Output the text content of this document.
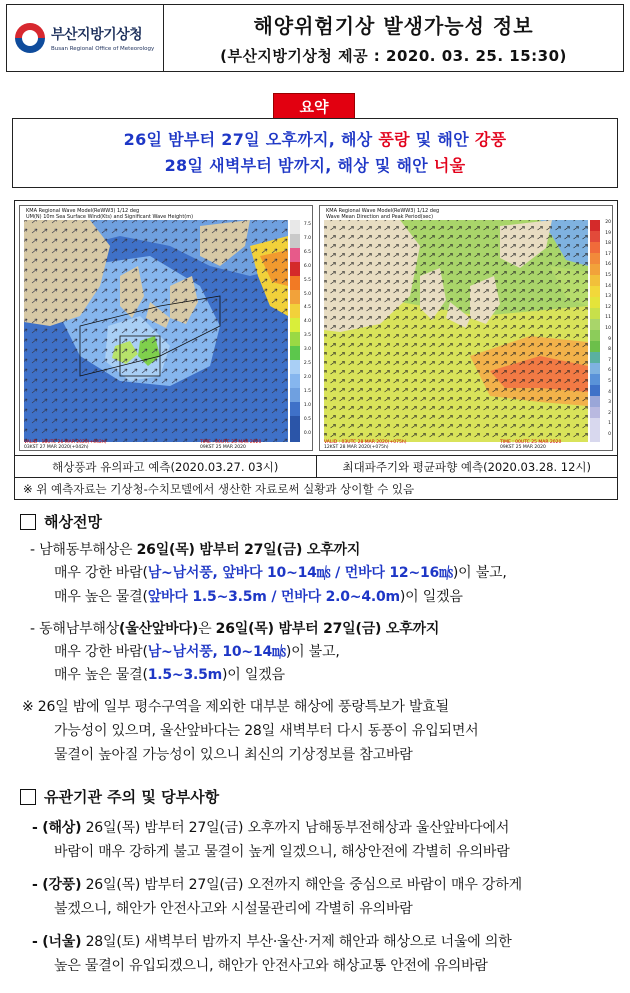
부산지방기상청
Busan Regional Office of Meteorology
해양위험기상 발생가능성 정보
(부산지방기상청 제공 : 2020. 03. 25. 15:30)
요약
26일 밤부터 27일 오후까지, 해상 풍랑 및 해안 강풍
28일 새벽부터 밤까지, 해상 및 해안 너울
KMA Regional Wave Model(ReWW3) 1/12 deg
UM(N) 10m Sea Surface Wind(Kts) and Significant Wave Height(m)
7.5
7.0
6.5
6.0
5.5
5.0
4.5
4.0
3.5
3.0
2.5
2.0
1.5
1.0
0.5
0.0
VALID : 18UTC 26 MAR 2020(+042h)
03KST 27 MAR 2020(+042h)
TIME : 00UTC 25 MAR 2020
09KST 25 MAR 2020
KMA Regional Wave Model(ReWW3) 1/12 deg
Wave Mean Direction and Peak Period(sec)
20
19
18
17
16
15
14
13
12
11
10
9
8
7
6
5
4
3
2
1
0
VALID : 03UTC 28 MAR 2020(+075h)
12KST 28 MAR 2020(+075h)
TIME : 00UTC 25 MAR 2020
09KST 25 MAR 2020
해상풍과 유의파고 예측(2020.03.27. 03시)	최대파주기와 평균파향 예측(2020.03.28. 12시)
※ 위 예측자료는 기상청-수치모델에서 생산한 자료로써 실황과 상이할 수 있음
해상전망
- 남해동부해상은 26일(목) 밤부터 27일(금) 오후까지
매우 강한 바람(남~남서풍, 앞바다 10~14㎧ / 먼바다 12~16㎧)이 불고,
매우 높은 물결(앞바다 1.5~3.5m / 먼바다 2.0~4.0m)이 일겠음
- 동해남부해상(울산앞바다)은 26일(목) 밤부터 27일(금) 오후까지
매우 강한 바람(남~남서풍, 10~14㎧)이 불고,
매우 높은 물결(1.5~3.5m)이 일겠음
※ 26일 밤에 일부 평수구역을 제외한 대부분 해상에 풍랑특보가 발효될
가능성이 있으며, 울산앞바다는 28일 새벽부터 다시 동풍이 유입되면서
물결이 높아질 가능성이 있으니 최신의 기상정보를 참고바람
유관기관 주의 및 당부사항
- (해상) 26일(목) 밤부터 27일(금) 오후까지 남해동부전해상과 울산앞바다에서
바람이 매우 강하게 불고 물결이 높게 일겠으니, 해상안전에 각별히 유의바람
- (강풍) 26일(목) 밤부터 27일(금) 오전까지 해안을 중심으로 바람이 매우 강하게
불겠으니, 해안가 안전사고와 시설물관리에 각별히 유의바람
- (너울) 28일(토) 새벽부터 밤까지 부산·울산·거제 해안과 해상으로 너울에 의한
높은 물결이 유입되겠으니, 해안가 안전사고와 해상교통 안전에 유의바람
